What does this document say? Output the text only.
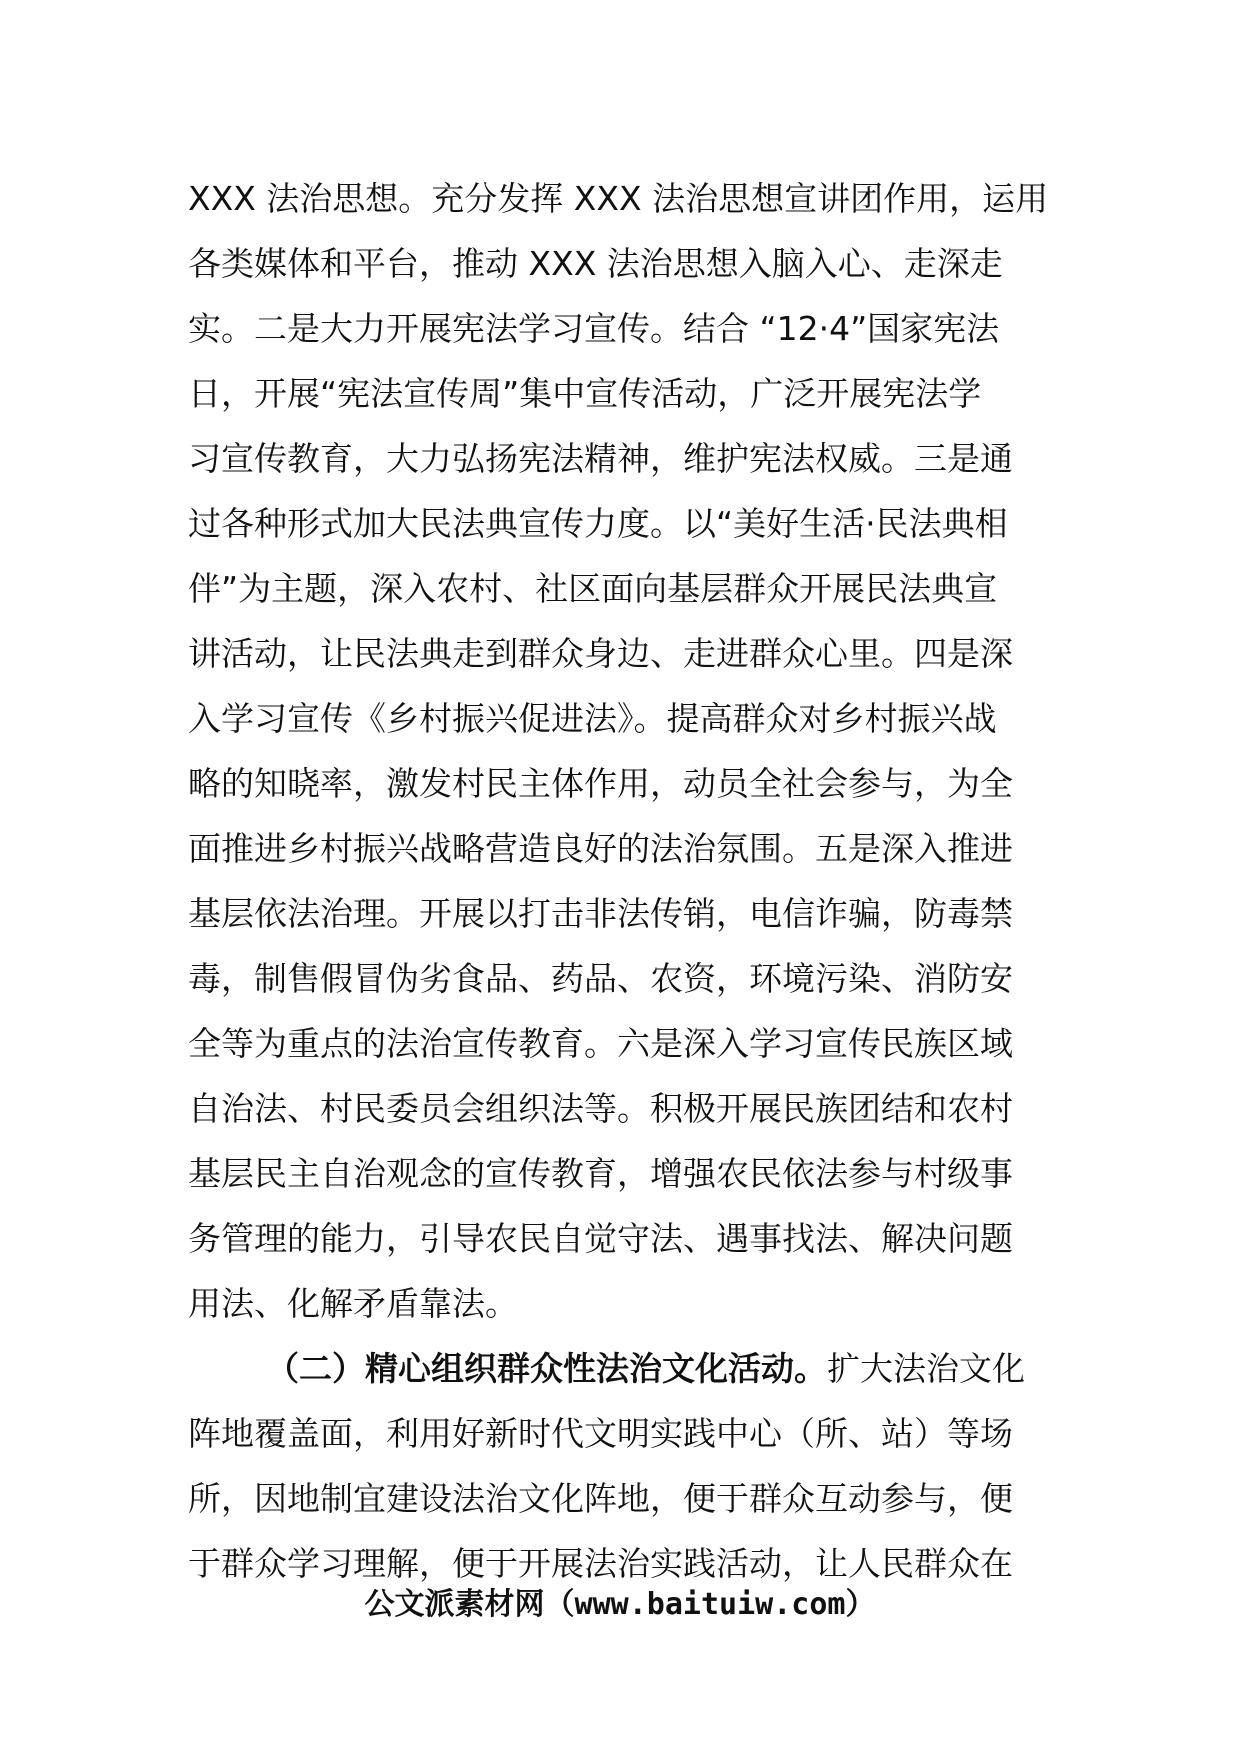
XXX 法治思想。充分发挥 XXX 法治思想宣讲团作用，运用
各类媒体和平台，推动 XXX 法治思想入脑入心、走深走
实。二是大力开展宪法学习宣传。结合 “12·4”国家宪法
日，开展“宪法宣传周”集中宣传活动，广泛开展宪法学
习宣传教育，大力弘扬宪法精神，维护宪法权威。三是通
过各种形式加大民法典宣传力度。以“美好生活·民法典相
伴”为主题，深入农村、社区面向基层群众开展民法典宣
讲活动，让民法典走到群众身边、走进群众心里。四是深
入学习宣传《乡村振兴促进法》。提高群众对乡村振兴战
略的知晓率，激发村民主体作用，动员全社会参与，为全
面推进乡村振兴战略营造良好的法治氛围。五是深入推进
基层依法治理。开展以打击非法传销，电信诈骗，防毒禁
毒，制售假冒伪劣食品、药品、农资，环境污染、消防安
全等为重点的法治宣传教育。六是深入学习宣传民族区域
自治法、村民委员会组织法等。积极开展民族团结和农村
基层民主自治观念的宣传教育，增强农民依法参与村级事
务管理的能力，引导农民自觉守法、遇事找法、解决问题
用法、化解矛盾靠法。
（二）精心组织群众性法治文化活动。扩大法治文化
阵地覆盖面，利用好新时代文明实践中心（所、站）等场
所，因地制宜建设法治文化阵地，便于群众互动参与，便
于群众学习理解，便于开展法治实践活动，让人民群众在
公文派素材网（www.baituiw.com）
